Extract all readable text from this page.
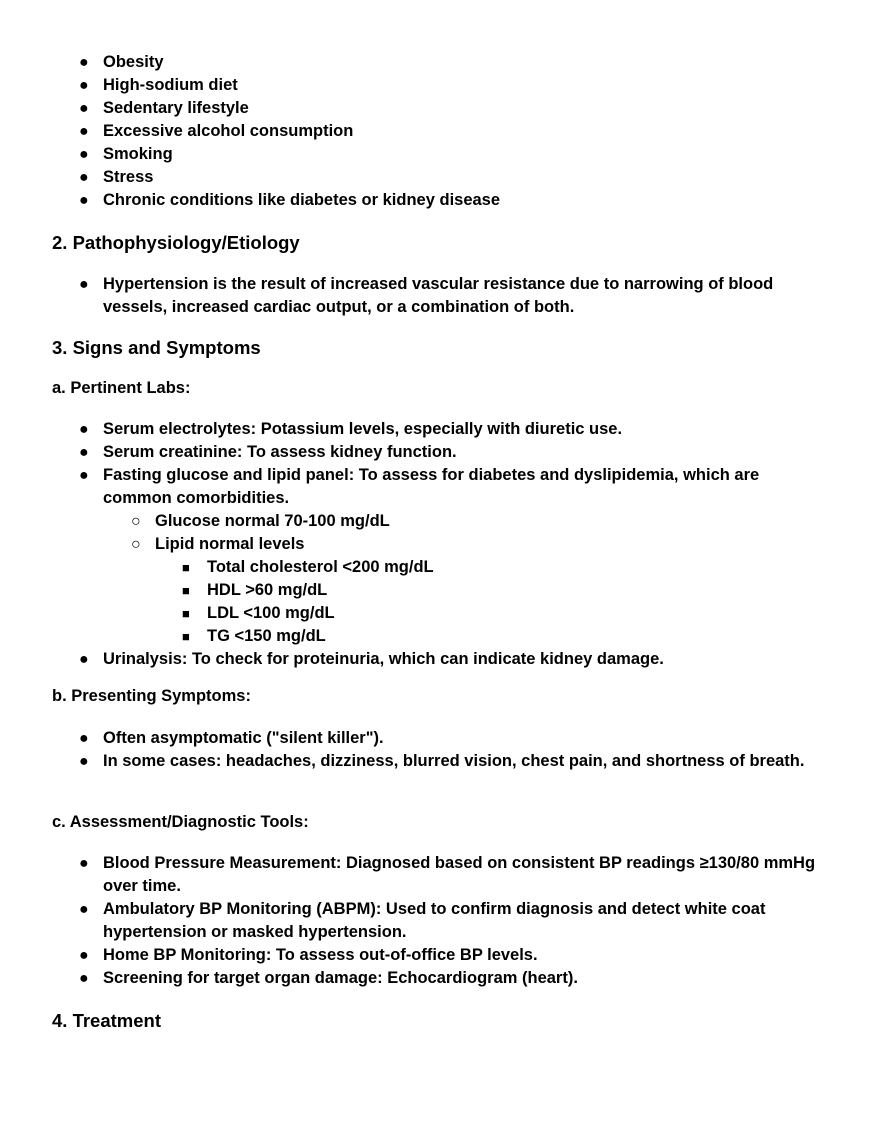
● Obesity
● High-sodium diet
● Sedentary lifestyle
● Excessive alcohol consumption
● Smoking
● Stress
● Chronic conditions like diabetes or kidney disease
2. Pathophysiology/Etiology
● Hypertension is the result of increased vascular resistance due to narrowing of blood vessels, increased cardiac output, or a combination of both.
3. Signs and Symptoms
a. Pertinent Labs:
● Serum electrolytes: Potassium levels, especially with diuretic use.
● Serum creatinine: To assess kidney function.
● Fasting glucose and lipid panel: To assess for diabetes and dyslipidemia, which are common comorbidities.
○ Glucose normal 70-100 mg/dL
○ Lipid normal levels
■ Total cholesterol <200 mg/dL
■ HDL >60 mg/dL
■ LDL <100 mg/dL
■ TG <150 mg/dL
● Urinalysis: To check for proteinuria, which can indicate kidney damage.
b. Presenting Symptoms:
● Often asymptomatic ("silent killer").
● In some cases: headaches, dizziness, blurred vision, chest pain, and shortness of breath.
c. Assessment/Diagnostic Tools:
● Blood Pressure Measurement: Diagnosed based on consistent BP readings ≥130/80 mmHg over time.
● Ambulatory BP Monitoring (ABPM): Used to confirm diagnosis and detect white coat hypertension or masked hypertension.
● Home BP Monitoring: To assess out-of-office BP levels.
● Screening for target organ damage: Echocardiogram (heart).
4. Treatment
